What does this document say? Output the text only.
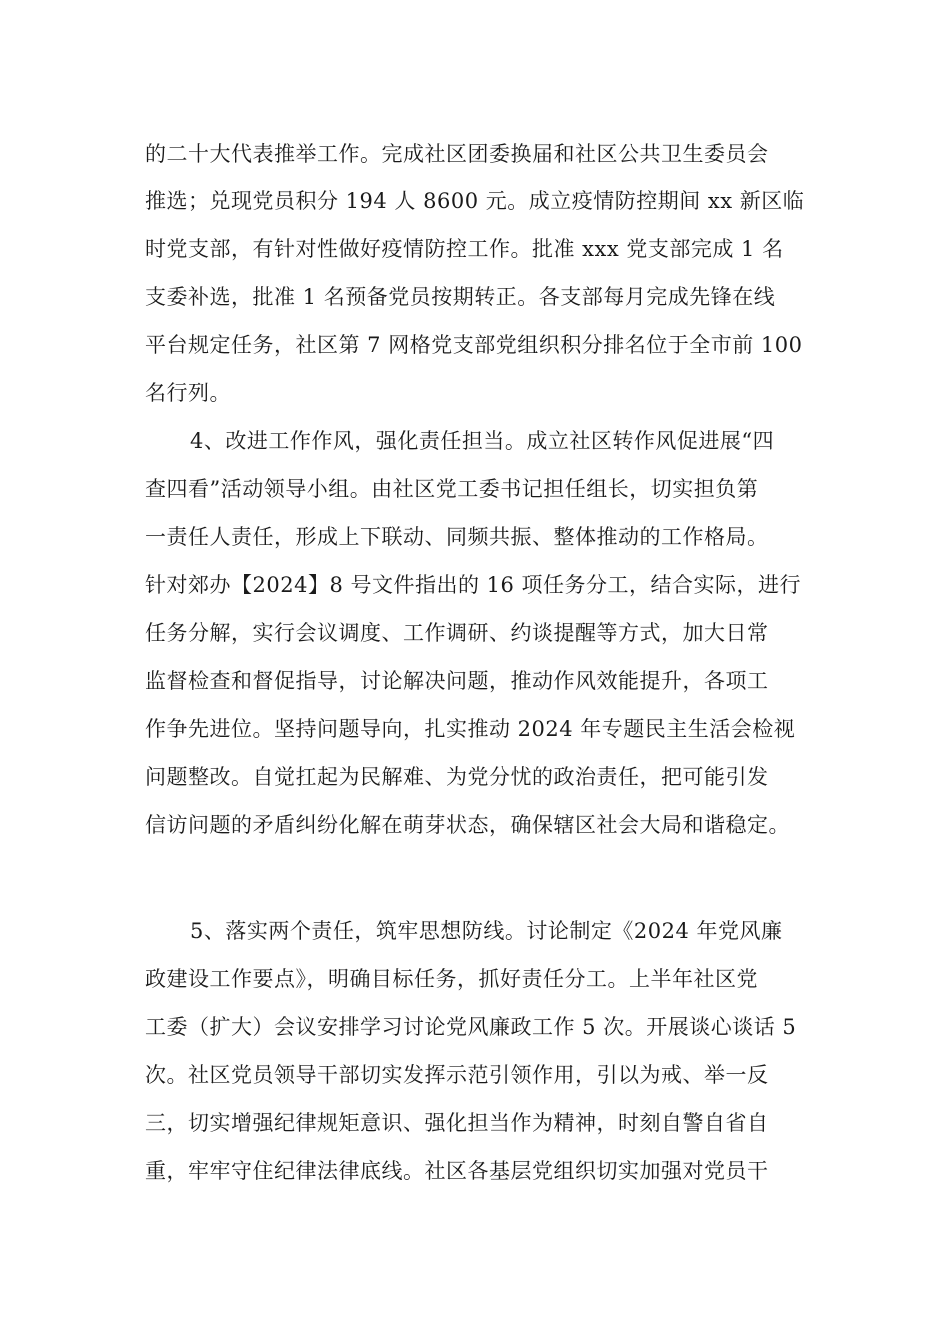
的二十大代表推举工作。完成社区团委换届和社区公共卫生委员会
推选；兑现党员积分 194 人 8600 元。成立疫情防控期间 xx 新区临
时党支部，有针对性做好疫情防控工作。批准 xxx 党支部完成 1 名
支委补选，批准 1 名预备党员按期转正。各支部每月完成先锋在线
平台规定任务，社区第 7 网格党支部党组织积分排名位于全市前 100
名行列。
4、改进工作作风，强化责任担当。成立社区转作风促进展“四
查四看”活动领导小组。由社区党工委书记担任组长，切实担负第
一责任人责任，形成上下联动、同频共振、整体推动的工作格局。
针对郊办【2024】8 号文件指出的 16 项任务分工，结合实际，进行
任务分解，实行会议调度、工作调研、约谈提醒等方式，加大日常
监督检查和督促指导，讨论解决问题，推动作风效能提升，各项工
作争先进位。坚持问题导向，扎实推动 2024 年专题民主生活会检视
问题整改。自觉扛起为民解难、为党分忧的政治责任，把可能引发
信访问题的矛盾纠纷化解在萌芽状态，确保辖区社会大局和谐稳定。
5、落实两个责任，筑牢思想防线。讨论制定《2024 年党风廉
政建设工作要点》，明确目标任务，抓好责任分工。上半年社区党
工委（扩大）会议安排学习讨论党风廉政工作 5 次。开展谈心谈话 5
次。社区党员领导干部切实发挥示范引领作用，引以为戒、举一反
三，切实增强纪律规矩意识、强化担当作为精神，时刻自警自省自
重，牢牢守住纪律法律底线。社区各基层党组织切实加强对党员干
